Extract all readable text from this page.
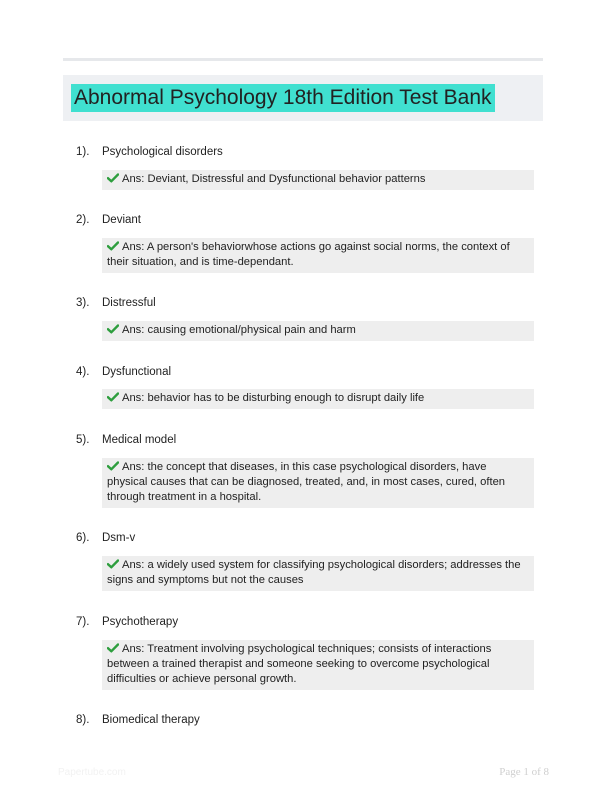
Abnormal Psychology 18th Edition Test Bank
1). Psychological disorders
Ans: Deviant, Distressful and Dysfunctional behavior patterns
2). Deviant
Ans: A person's behaviorwhose actions go against social norms, the context of their situation, and is time-dependant.
3). Distressful
Ans: causing emotional/physical pain and harm
4). Dysfunctional
Ans: behavior has to be disturbing enough to disrupt daily life
5). Medical model
Ans: the concept that diseases, in this case psychological disorders, have physical causes that can be diagnosed, treated, and, in most cases, cured, often through treatment in a hospital.
6). Dsm-v
Ans: a widely used system for classifying psychological disorders; addresses the signs and symptoms but not the causes
7). Psychotherapy
Ans: Treatment involving psychological techniques; consists of interactions between a trained therapist and someone seeking to overcome psychological difficulties or achieve personal growth.
8). Biomedical therapy
Papertube.com	Page 1 of 8
